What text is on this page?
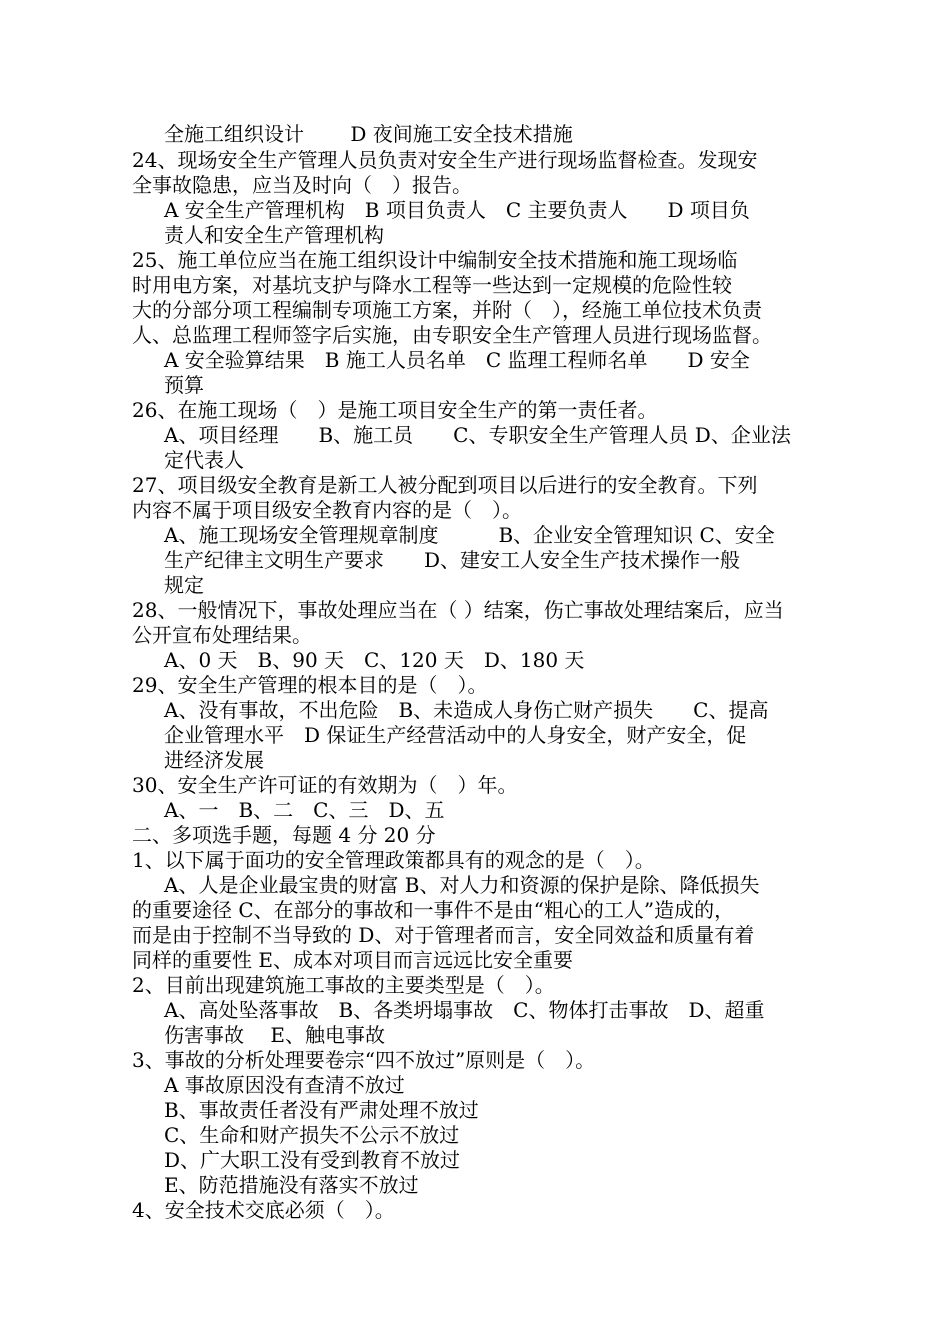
全施工组织设计　　 D 夜间施工安全技术措施
24、现场安全生产管理人员负责对安全生产进行现场监督检查。发现安
全事故隐患，应当及时向（　）报告。
A 安全生产管理机构　B 项目负责人　C 主要负责人　　D 项目负
责人和安全生产管理机构
25、施工单位应当在施工组织设计中编制安全技术措施和施工现场临
时用电方案，对基坑支护与降水工程等一些达到一定规模的危险性较
大的分部分项工程编制专项施工方案，并附（　），经施工单位技术负责
人、总监理工程师签字后实施，由专职安全生产管理人员进行现场监督。
A 安全验算结果　B 施工人员名单　C 监理工程师名单　　D 安全
预算
26、在施工现场（　）是施工项目安全生产的第一责任者。
A、项目经理　　B、施工员　　C、专职安全生产管理人员 D、企业法
定代表人
27、项目级安全教育是新工人被分配到项目以后进行的安全教育。下列
内容不属于项目级安全教育内容的是（　）。
A、施工现场安全管理规章制度　　　B、企业安全管理知识 C、安全
生产纪律主文明生产要求　　D、建安工人安全生产技术操作一般
规定
28、一般情况下，事故处理应当在（ ）结案，伤亡事故处理结案后，应当
公开宣布处理结果。
A、0 天　B、90 天　C、120 天　D、180 天
29、安全生产管理的根本目的是（　）。
A、没有事故，不出危险　B、未造成人身伤亡财产损失　　C、提高
企业管理水平　D 保证生产经营活动中的人身安全，财产安全，促
进经济发展
30、安全生产许可证的有效期为（　）年。
A、一　B、二　C、三　D、五
二、多项选手题，每题 4 分 20 分
1、以下属于面功的安全管理政策都具有的观念的是（　）。
A、人是企业最宝贵的财富 B、对人力和资源的保护是除、降低损失
的重要途径 C、在部分的事故和一事件不是由“粗心的工人”造成的，
而是由于控制不当导致的 D、对于管理者而言，安全同效益和质量有着
同样的重要性 E、成本对项目而言远远比安全重要
2、目前出现建筑施工事故的主要类型是（　）。
A、高处坠落事故　B、各类坍塌事故　C、物体打击事故　D、超重
伤害事故　 E、触电事故
3、事故的分析处理要卷宗“四不放过”原则是（　）。
A 事故原因没有查清不放过
B、事故责任者没有严肃处理不放过
C、生命和财产损失不公示不放过
D、广大职工没有受到教育不放过
E、防范措施没有落实不放过
4、安全技术交底必须（　）。
